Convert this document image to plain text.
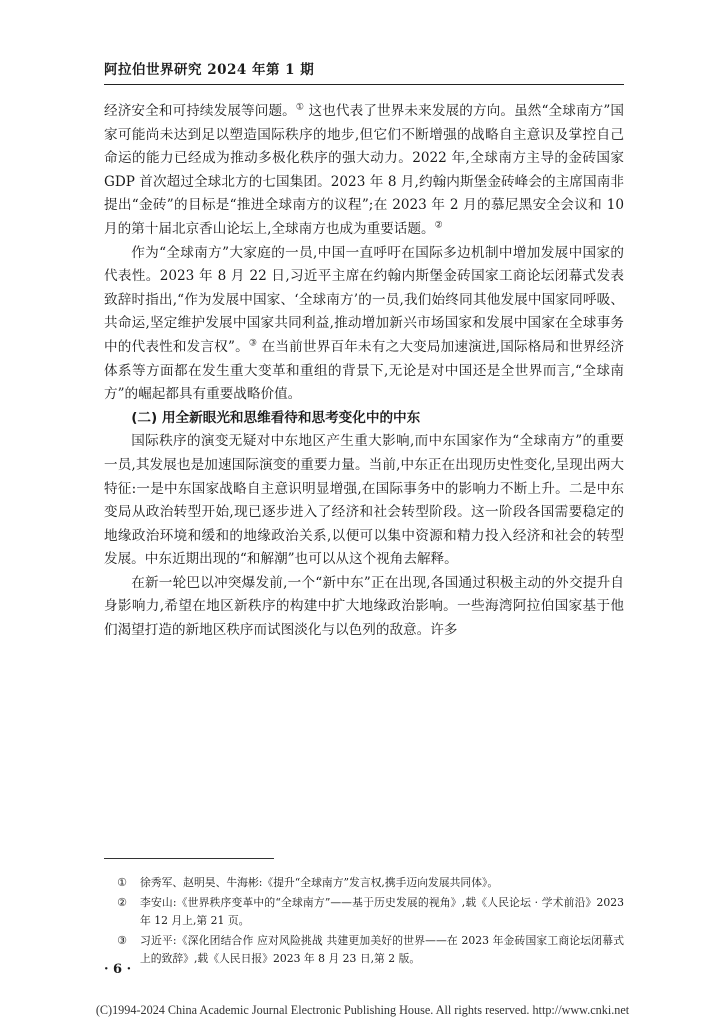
阿拉伯世界研究 2024 年第 1 期

经济安全和可持续发展等问题。① 这也代表了世界未来发展的方向。虽然“全球南方”国家可能尚未达到足以塑造国际秩序的地步,但它们不断增强的战略自主意识及掌控自己命运的能力已经成为推动多极化秩序的强大动力。2022 年,全球南方主导的金砖国家 GDP 首次超过全球北方的七国集团。2023 年 8 月,约翰内斯堡金砖峰会的主席国南非提出“金砖”的目标是“推进全球南方的议程”;在 2023 年 2 月的慕尼黑安全会议和 10 月的第十届北京香山论坛上,全球南方也成为重要话题。②

作为“全球南方”大家庭的一员,中国一直呼吁在国际多边机制中增加发展中国家的代表性。2023 年 8 月 22 日,习近平主席在约翰内斯堡金砖国家工商论坛闭幕式发表致辞时指出,“作为发展中国家、‘全球南方’的一员,我们始终同其他发展中国家同呼吸、共命运,坚定维护发展中国家共同利益,推动增加新兴市场国家和发展中国家在全球事务中的代表性和发言权”。③ 在当前世界百年未有之大变局加速演进,国际格局和世界经济体系等方面都在发生重大变革和重组的背景下,无论是对中国还是全世界而言,“全球南方”的崛起都具有重要战略价值。

(二) 用全新眼光和思维看待和思考变化中的中东

国际秩序的演变无疑对中东地区产生重大影响,而中东国家作为“全球南方”的重要一员,其发展也是加速国际演变的重要力量。当前,中东正在出现历史性变化,呈现出两大特征:一是中东国家战略自主意识明显增强,在国际事务中的影响力不断上升。二是中东变局从政治转型开始,现已逐步进入了经济和社会转型阶段。这一阶段各国需要稳定的地缘政治环境和缓和的地缘政治关系,以便可以集中资源和精力投入经济和社会的转型发展。中东近期出现的“和解潮”也可以从这个视角去解释。

在新一轮巴以冲突爆发前,一个“新中东”正在出现,各国通过积极主动的外交提升自身影响力,希望在地区新秩序的构建中扩大地缘政治影响。一些海湾阿拉伯国家基于他们渴望打造的新地区秩序而试图淡化与以色列的敌意。许多

①	徐秀军、赵明昊、牛海彬:《提升“全球南方”发言权,携手迈向发展共同体》。
②	李安山:《世界秩序变革中的“全球南方”——基于历史发展的视角》,载《人民论坛 · 学术前沿》2023 年 12 月上,第 21 页。
③	习近平:《深化团结合作 应对风险挑战 共建更加美好的世界——在 2023 年金砖国家工商论坛闭幕式上的致辞》,载《人民日报》2023 年 8 月 23 日,第 2 版。
· 6 ·
(C)1994-2024 China Academic Journal Electronic Publishing House. All rights reserved. http://www.cnki.net
